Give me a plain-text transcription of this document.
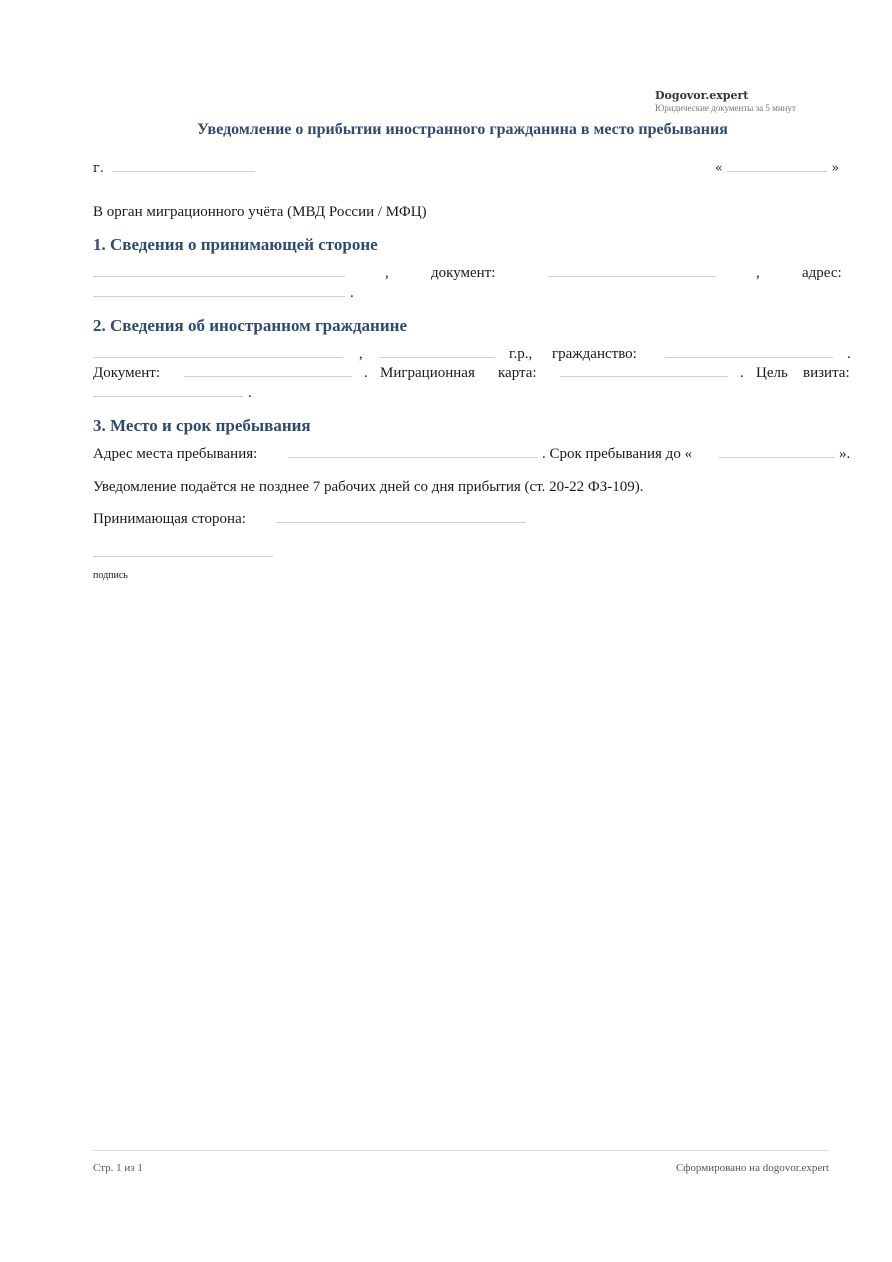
Dogovor.expert
Юридические документы за 5 минут
Уведомление о прибытии иностранного гражданина в место пребывания
г.	«	»
В орган миграционного учёта (МВД России / МФЦ)
1. Сведения о принимающей стороне
,	документ:	,	адрес:
.
2. Сведения об иностранном гражданине
,	г.р., гражданство:	.
Документ:	. Миграционная карта:	. Цель визита:
.
3. Место и срок пребывания
Адрес места пребывания:	. Срок пребывания до «	».
Уведомление подаётся не позднее 7 рабочих дней со дня прибытия (ст. 20-22 ФЗ-109).
Принимающая сторона:
подпись
Стр. 1 из 1	Сформировано на dogovor.expert
